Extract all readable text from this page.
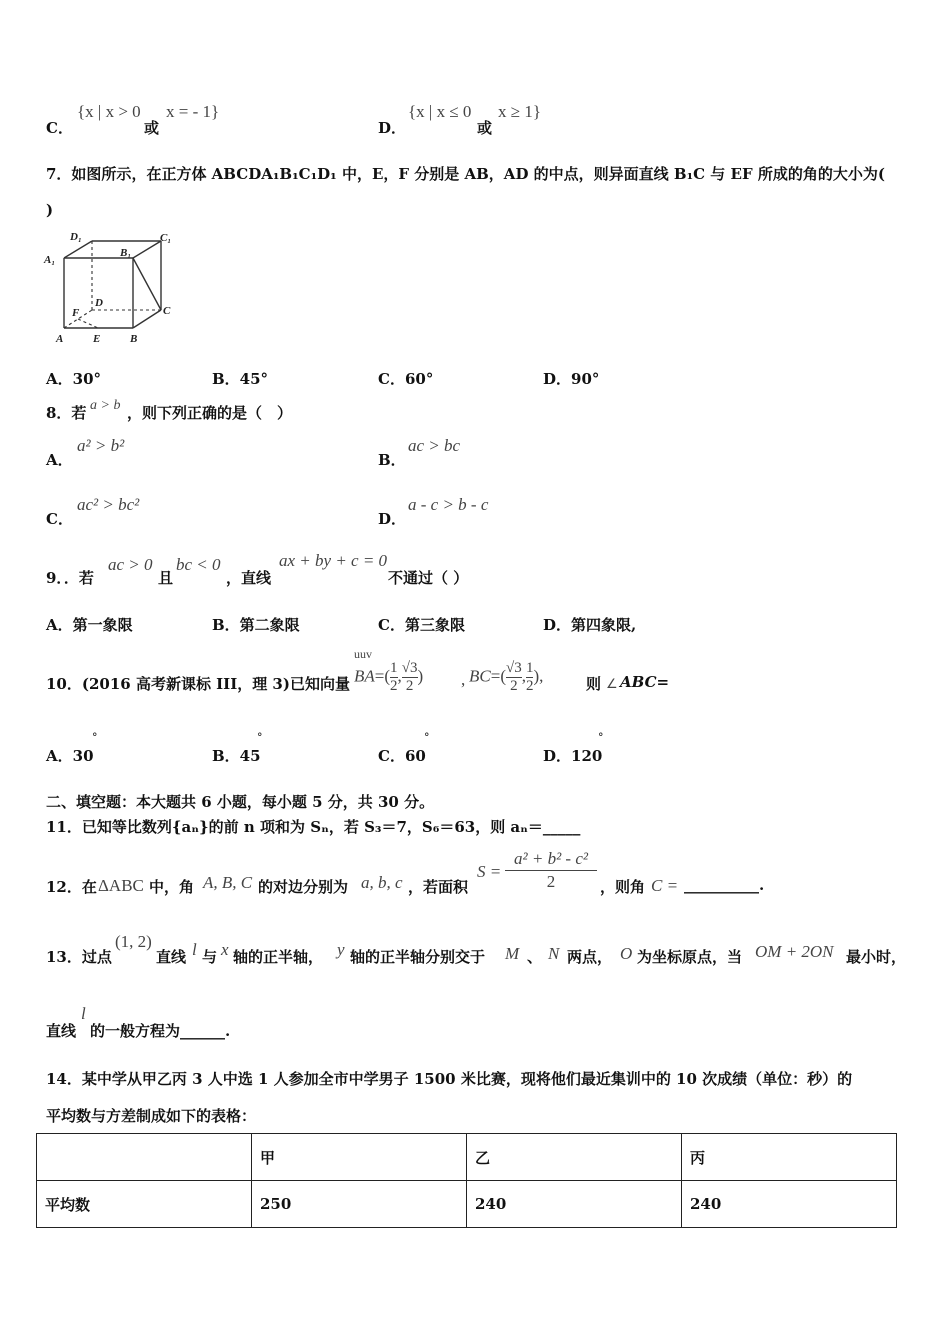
C．
{x | x > 0
或
x = - 1}
D．
{x | x ≤ 0
或
x ≥ 1}
7．如图所示，在正方体 ABCDA₁B₁C₁D₁ 中，E，F 分别是 AB，AD 的中点，则异面直线 B₁C 与 EF 所成的角的大小为(
)
D₁	C₁
A₁
B₁
D
C
F
A	E	B
A．30°	B．45°	C．60°	D．90°
8．若 a > b ，则下列正确的是（　）
A．
a² > b²
B．
ac > bc
C．
ac² > bc²
D．
a - c > b - c
9．．若
ac > 0
且
bc < 0
，直线
ax + by + c = 0
不通过（ ）
A．第一象限	B．第二象限	C．第三象限	D．第四象限,
10．(2016 高考新课标 III，理 3)已知向量
uuv
$BA=( \frac{1}{2}$ , $\frac{√3}{2}$ ) ,
$BC=( \frac{√3}{2}$ , $\frac{1}{2}$ ),	则 ∠ ABC=
A．30
°
B．45
°
C．60
°
D．120
°
二、填空题：本大题共 6 小题，每小题 5 分，共 30 分。
11．已知等比数列{aₙ}的前 n 项和为 Sₙ，若 S₃＝7，S₆＝63，则 aₙ＝_____
12．在 ΔABC 中，角 A, B, C 的对边分别为 a, b, c ，若面积
$S = \frac{\text{a² + b² - c²}}{2}$ ，则角 C = __________.
13．过点
(1, 2)
直线 l 与 x 轴的正半轴， y 轴的正半轴分别交于 M 、 N 两点， O 为坐标原点，当 OM + 2ON 最小时，
直线
l
的一般方程为______.
14．某中学从甲乙丙 3 人中选 1 人参加全市中学男子 1500 米比赛，现将他们最近集训中的 10 次成绩（单位：秒）的
平均数与方差制成如下的表格：
	甲	乙	丙
平均数	250	240	240
